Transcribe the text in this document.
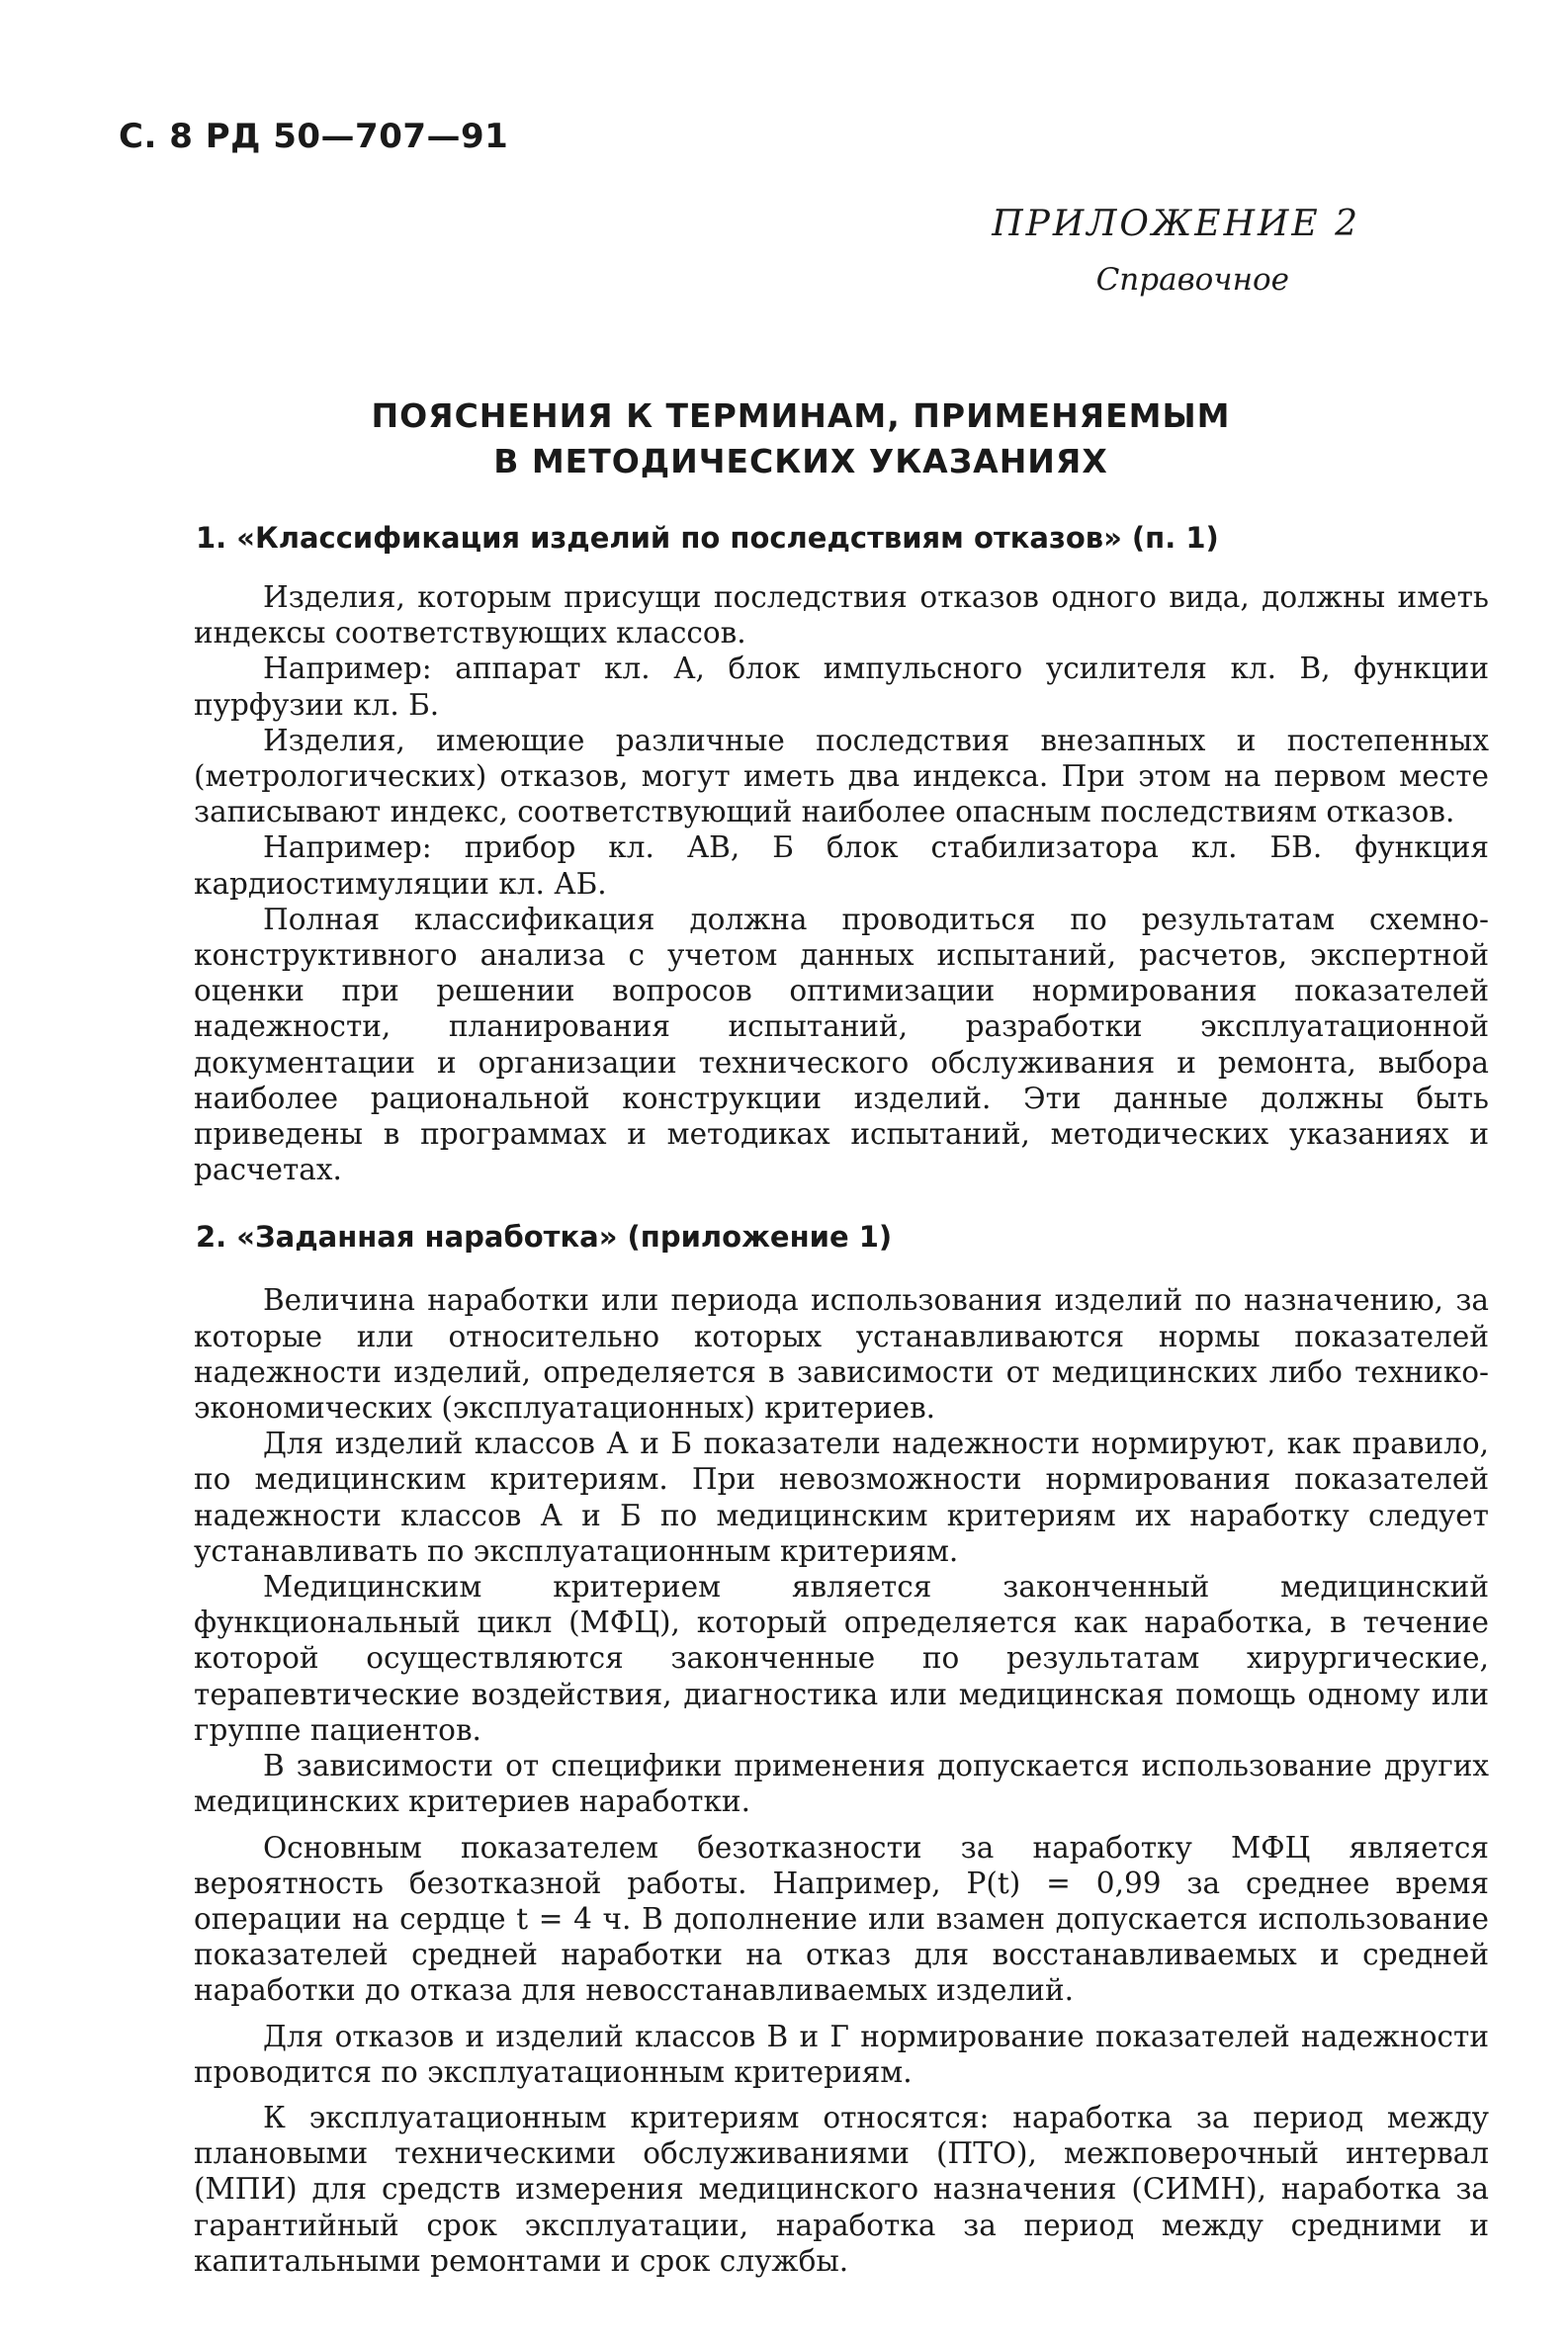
С. 8 РД 50—707—91
ПРИЛОЖЕНИЕ 2
Справочное
ПОЯСНЕНИЯ К ТЕРМИНАМ, ПРИМЕНЯЕМЫМ
В МЕТОДИЧЕСКИХ УКАЗАНИЯХ
1. «Классификация изделий по последствиям отказов» (п. 1)

Изделия, которым присущи последствия отказов одного вида, должны иметь индексы соответствующих классов.

Например: аппарат кл. А, блок импульсного усилителя кл. В, функции пурфузии кл. Б.

Изделия, имеющие различные последствия внезапных и постепенных (метрологических) отказов, могут иметь два индекса. При этом на первом месте записывают индекс, соответствующий наиболее опасным последствиям отказов.

Например: прибор кл. АВ, Б блок стабилизатора кл. БВ. функция кардиостимуляции кл. АБ.

Полная классификация должна проводиться по результатам схемно-конструктивного анализа с учетом данных испытаний, расчетов, экспертной оценки при решении вопросов оптимизации нормирования показателей надежности, планирования испытаний, разработки эксплуатационной документации и организации технического обслуживания и ремонта, выбора наиболее рациональной конструкции изделий. Эти данные должны быть приведены в программах и методиках испытаний, методических указаниях и расчетах.

2. «Заданная наработка» (приложение 1)

Величина наработки или периода использования изделий по назначению, за которые или относительно которых устанавливаются нормы показателей надежности изделий, определяется в зависимости от медицинских либо технико-экономических (эксплуатационных) критериев.

Для изделий классов А и Б показатели надежности нормируют, как правило, по медицинским критериям. При невозможности нормирования показателей надежности классов А и Б по медицинским критериям их наработку следует устанавливать по эксплуатационным критериям.

Медицинским критерием является законченный медицинский функциональный цикл (МФЦ), который определяется как наработка, в течение которой осуществляются законченные по результатам хирургические, терапевтические воздействия, диагностика или медицинская помощь одному или группе пациентов.

В зависимости от специфики применения допускается использование других медицинских критериев наработки.

Основным показателем безотказности за наработку МФЦ является вероятность безотказной работы. Например, P(t) = 0,99 за среднее время операции на сердце t = 4 ч. В дополнение или взамен допускается использование показателей средней наработки на отказ для восстанавливаемых и средней наработки до отказа для невосстанавливаемых изделий.

Для отказов и изделий классов В и Г нормирование показателей надежности проводится по эксплуатационным критериям.

К эксплуатационным критериям относятся: наработка за период между плановыми техническими обслуживаниями (ПТО), межповерочный интервал (МПИ) для средств измерения медицинского назначения (СИМН), наработка за гарантийный срок эксплуатации, наработка за период между средними и капитальными ремонтами и срок службы.
